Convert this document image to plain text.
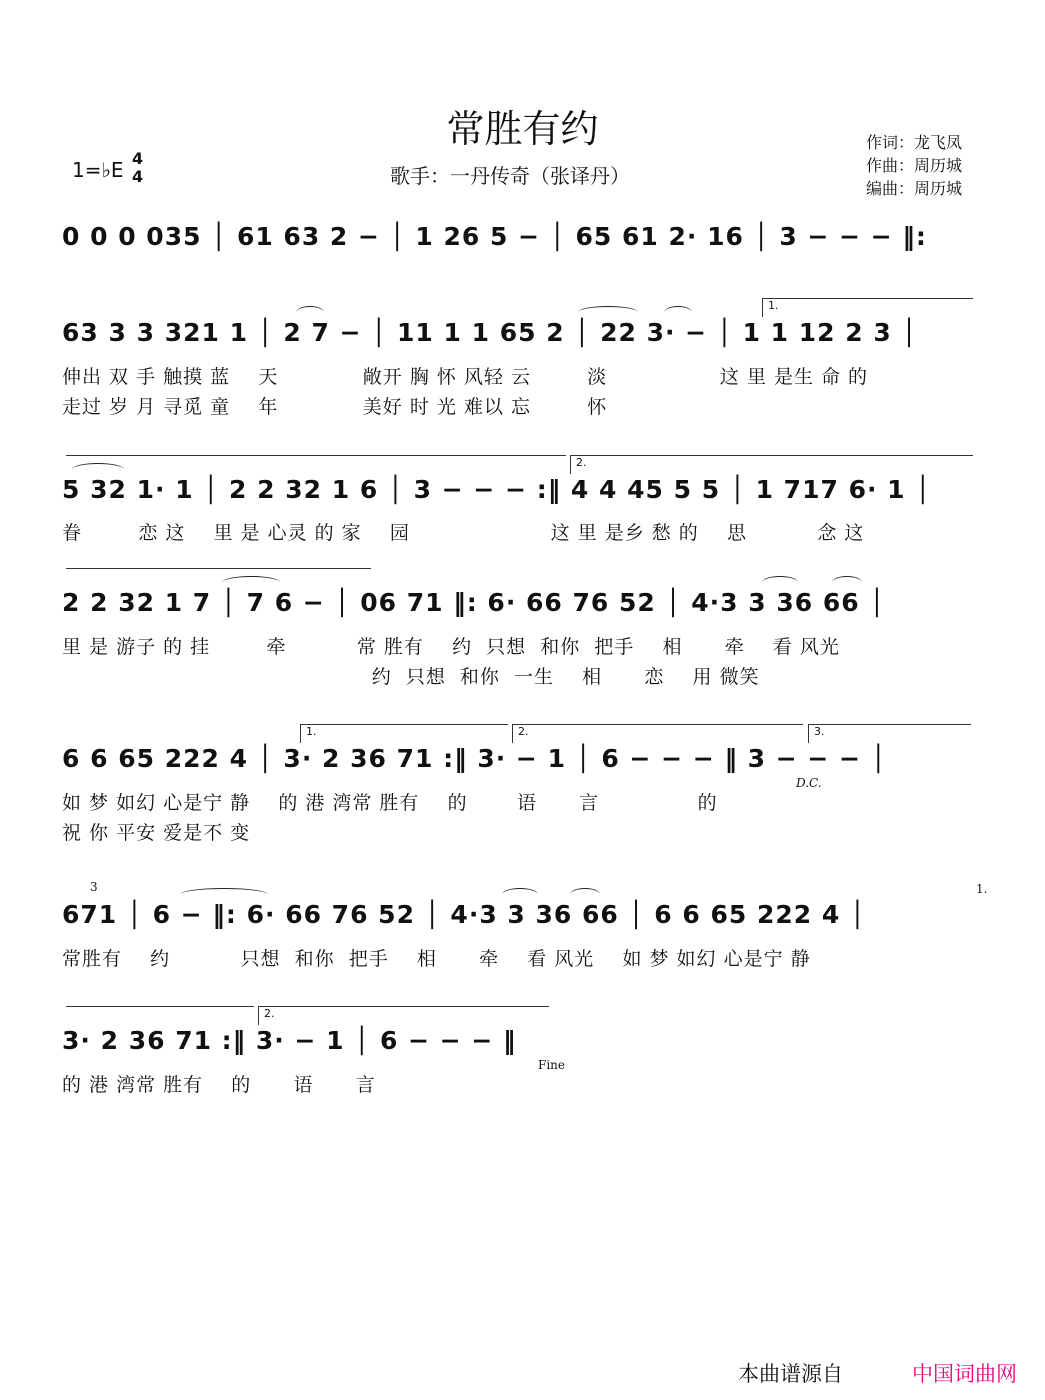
常胜有约	作词：龙飞凤
作曲：周历城
编曲：周历城
歌手：一丹传奇（张译丹）
1=♭E 4
4
0 0 0 035 │ 61 63 2 − │ 1 26 5 − │ 65 61 2· 16 │ 3 − − − ‖:
1.
63 3 3 321 1 │ 2 7 − │ 11 1 1 65 2 │ 22 3· − │ 1 1 12 2 3 │
伸出 双 手 触摸 蓝    天            敞开 胸 怀 风轻 云        淡                这 里 是生 命 的
走过 岁 月 寻觅 童    年            美好 时 光 难以 忘        怀
2.
5 32 1· 1 │ 2 2 32 1 6 │ 3 − − − :‖ 4 4 45 5 5 │ 1 717 6· 1 │
眷        恋 这    里 是 心灵 的 家    园                    这 里 是乡 愁 的    思          念 这
2 2 32 1 7 │ 7 6 − │ 06 71 ‖: 6· 66 76 52 │ 4·3 3 36 66 │
里 是 游子 的 挂        牵          常 胜有    约  只想  和你  把手    相      牵    看 风光
约  只想  和你  一生    相      恋    用 微笑
1.	2.	3.
6 6 65 222 4 │ 3· 2 36 71 :‖ 3· − 1 │ 6 − − − ‖ 3 − − − │
D.C.
如 梦 如幻 心是宁 静    的 港 湾常 胜有    的       语      言              的
祝 你 平安 爱是不 变
3	1.
671 │ 6 − ‖: 6· 66 76 52 │ 4·3 3 36 66 │ 6 6 65 222 4 │
常胜有    约          只想  和你  把手    相      牵    看 风光    如 梦 如幻 心是宁 静
2.
3· 2 36 71 :‖ 3· − 1 │ 6 − − − ‖
Fine
的 港 湾常 胜有    的      语      言
本曲谱源自	中国词曲网
